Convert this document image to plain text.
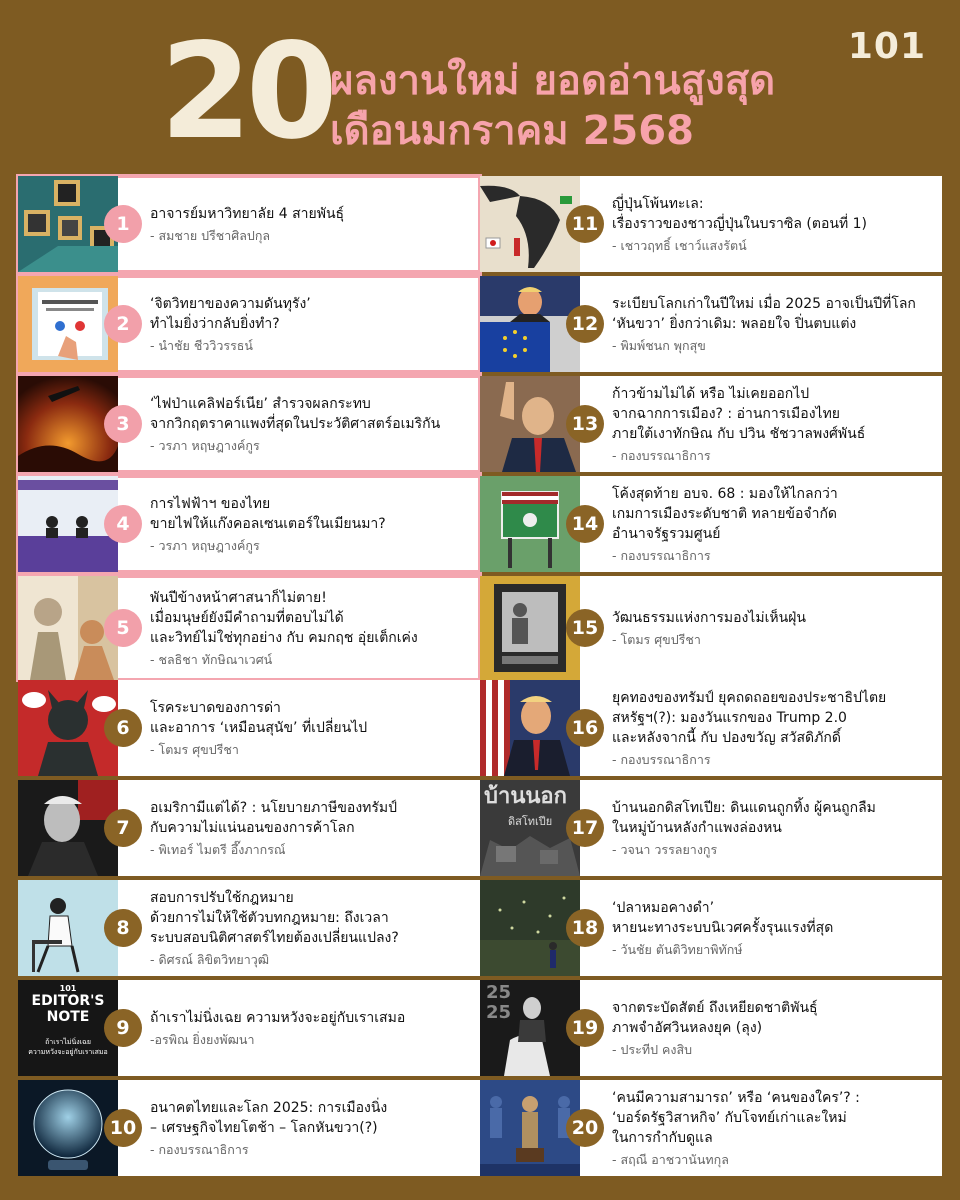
101
20
ผลงานใหม่ ยอดอ่านสูงสุด
เดือนมกราคม 2568
1	อาจารย์มหาวิทยาลัย 4 สายพันธุ์
- สมชาย ปรีชาศิลปกุล
2
‘จิตวิทยาของความดันทุรัง’
ทำไมยิ่งว่ากลับยิ่งทำ?
- นำชัย ชีววิวรรธน์
3
‘ไฟป่าแคลิฟอร์เนีย’ สำรวจผลกระทบ
จากวิกฤตราคาแพงที่สุดในประวัติศาสตร์อเมริกัน
- วรภา หฤษฎางค์กูร
4
การไฟฟ้าฯ ของไทย
ขายไฟให้แก๊งคอลเซนเตอร์ในเมียนมา?
- วรภา หฤษฎางค์กูร
5
พันปีข้างหน้าศาสนาก็ไม่ตาย!
เมื่อมนุษย์ยังมีคำถามที่ตอบไม่ได้
และวิทย์ไม่ใช่ทุกอย่าง กับ คมกฤช อุ่ยเต็กเค่ง
- ชลธิชา ทักษิณาเวศน์
6
โรคระบาดของการด่า
และอาการ ‘เหมือนสุนัข’ ที่เปลี่ยนไป
- โตมร ศุขปรีชา
7
อเมริกามีแต่ได้? : นโยบายภาษีของทรัมป์
กับความไม่แน่นอนของการค้าโลก
- พิเทอร์ ไมตรี อึ๊งภากรณ์
8
สอบการปรับใช้กฎหมาย
ด้วยการไม่ให้ใช้ตัวบทกฎหมาย: ถึงเวลา
ระบบสอบนิติศาสตร์ไทยต้องเปลี่ยนแปลง?
- ดิศรณ์ ลิขิตวิทยาวุฒิ
101
EDITOR'S
NOTE
ถ้าเราไม่นิ่งเฉย
ความหวังจะอยู่กับเราเสมอ
9	ถ้าเราไม่นิ่งเฉย ความหวังจะอยู่กับเราเสมอ
-อรพิณ ยิ่งยงพัฒนา
10
อนาคตไทยและโลก 2025: การเมืองนิ่ง
– เศรษฐกิจไทยโตช้า – โลกหันขวา(?)
- กองบรรณาธิการ
11
ญี่ปุ่นโพ้นทะเล:
เรื่องราวของชาวญี่ปุ่นในบราซิล (ตอนที่ 1)
- เชาวฤทธิ์ เชาว์แสงรัตน์
12
ระเบียบโลกเก่าในปีใหม่ เมื่อ 2025 อาจเป็นปีที่โลก
‘หันขวา’ ยิ่งกว่าเดิม: พลอยใจ ปิ่นตบแต่ง
- พิมพ์ชนก พุกสุข
13
ก้าวข้ามไม่ได้ หรือ ไม่เคยออกไป
จากฉากการเมือง? : อ่านการเมืองไทย
ภายใต้เงาทักษิณ กับ ปวิน ชัชวาลพงศ์พันธ์
- กองบรรณาธิการ
14
โค้งสุดท้าย อบจ. 68 : มองให้ไกลกว่า
เกมการเมืองระดับชาติ ทลายข้อจำกัด
อำนาจรัฐรวมศูนย์
- กองบรรณาธิการ
15 วัฒนธรรมแห่งการมองไม่เห็นฝุ่น
- โตมร ศุขปรีชา
16
ยุคทองของทรัมป์ ยุคถดถอยของประชาธิปไตย
สหรัฐฯ(?): มองวันแรกของ Trump 2.0
และหลังจากนี้ กับ ปองขวัญ สวัสดิภักดิ์
- กองบรรณาธิการ
บ้านนอก
ดิสโทเปีย	17
บ้านนอกดิสโทเปีย: ดินแดนถูกทิ้ง ผู้คนถูกลืม
ในหมู่บ้านหลังกำแพงล่องหน
- วจนา วรรลยางกูร
18
‘ปลาหมอคางดำ’
หายนะทางระบบนิเวศครั้งรุนแรงที่สุด
- วันชัย ตันติวิทยาพิทักษ์
25
25
19
จากตระบัดสัตย์ ถึงเหยียดชาติพันธุ์
ภาพจำอัศวินหลงยุค (ลุง)
- ประทีป คงสิบ
20
‘คนมีความสามารถ’ หรือ ‘คนของใคร’? :
‘บอร์ดรัฐวิสาหกิจ’ กับโจทย์เก่าและใหม่
ในการกำกับดูแล
- สฤณี อาชวานันทกุล
